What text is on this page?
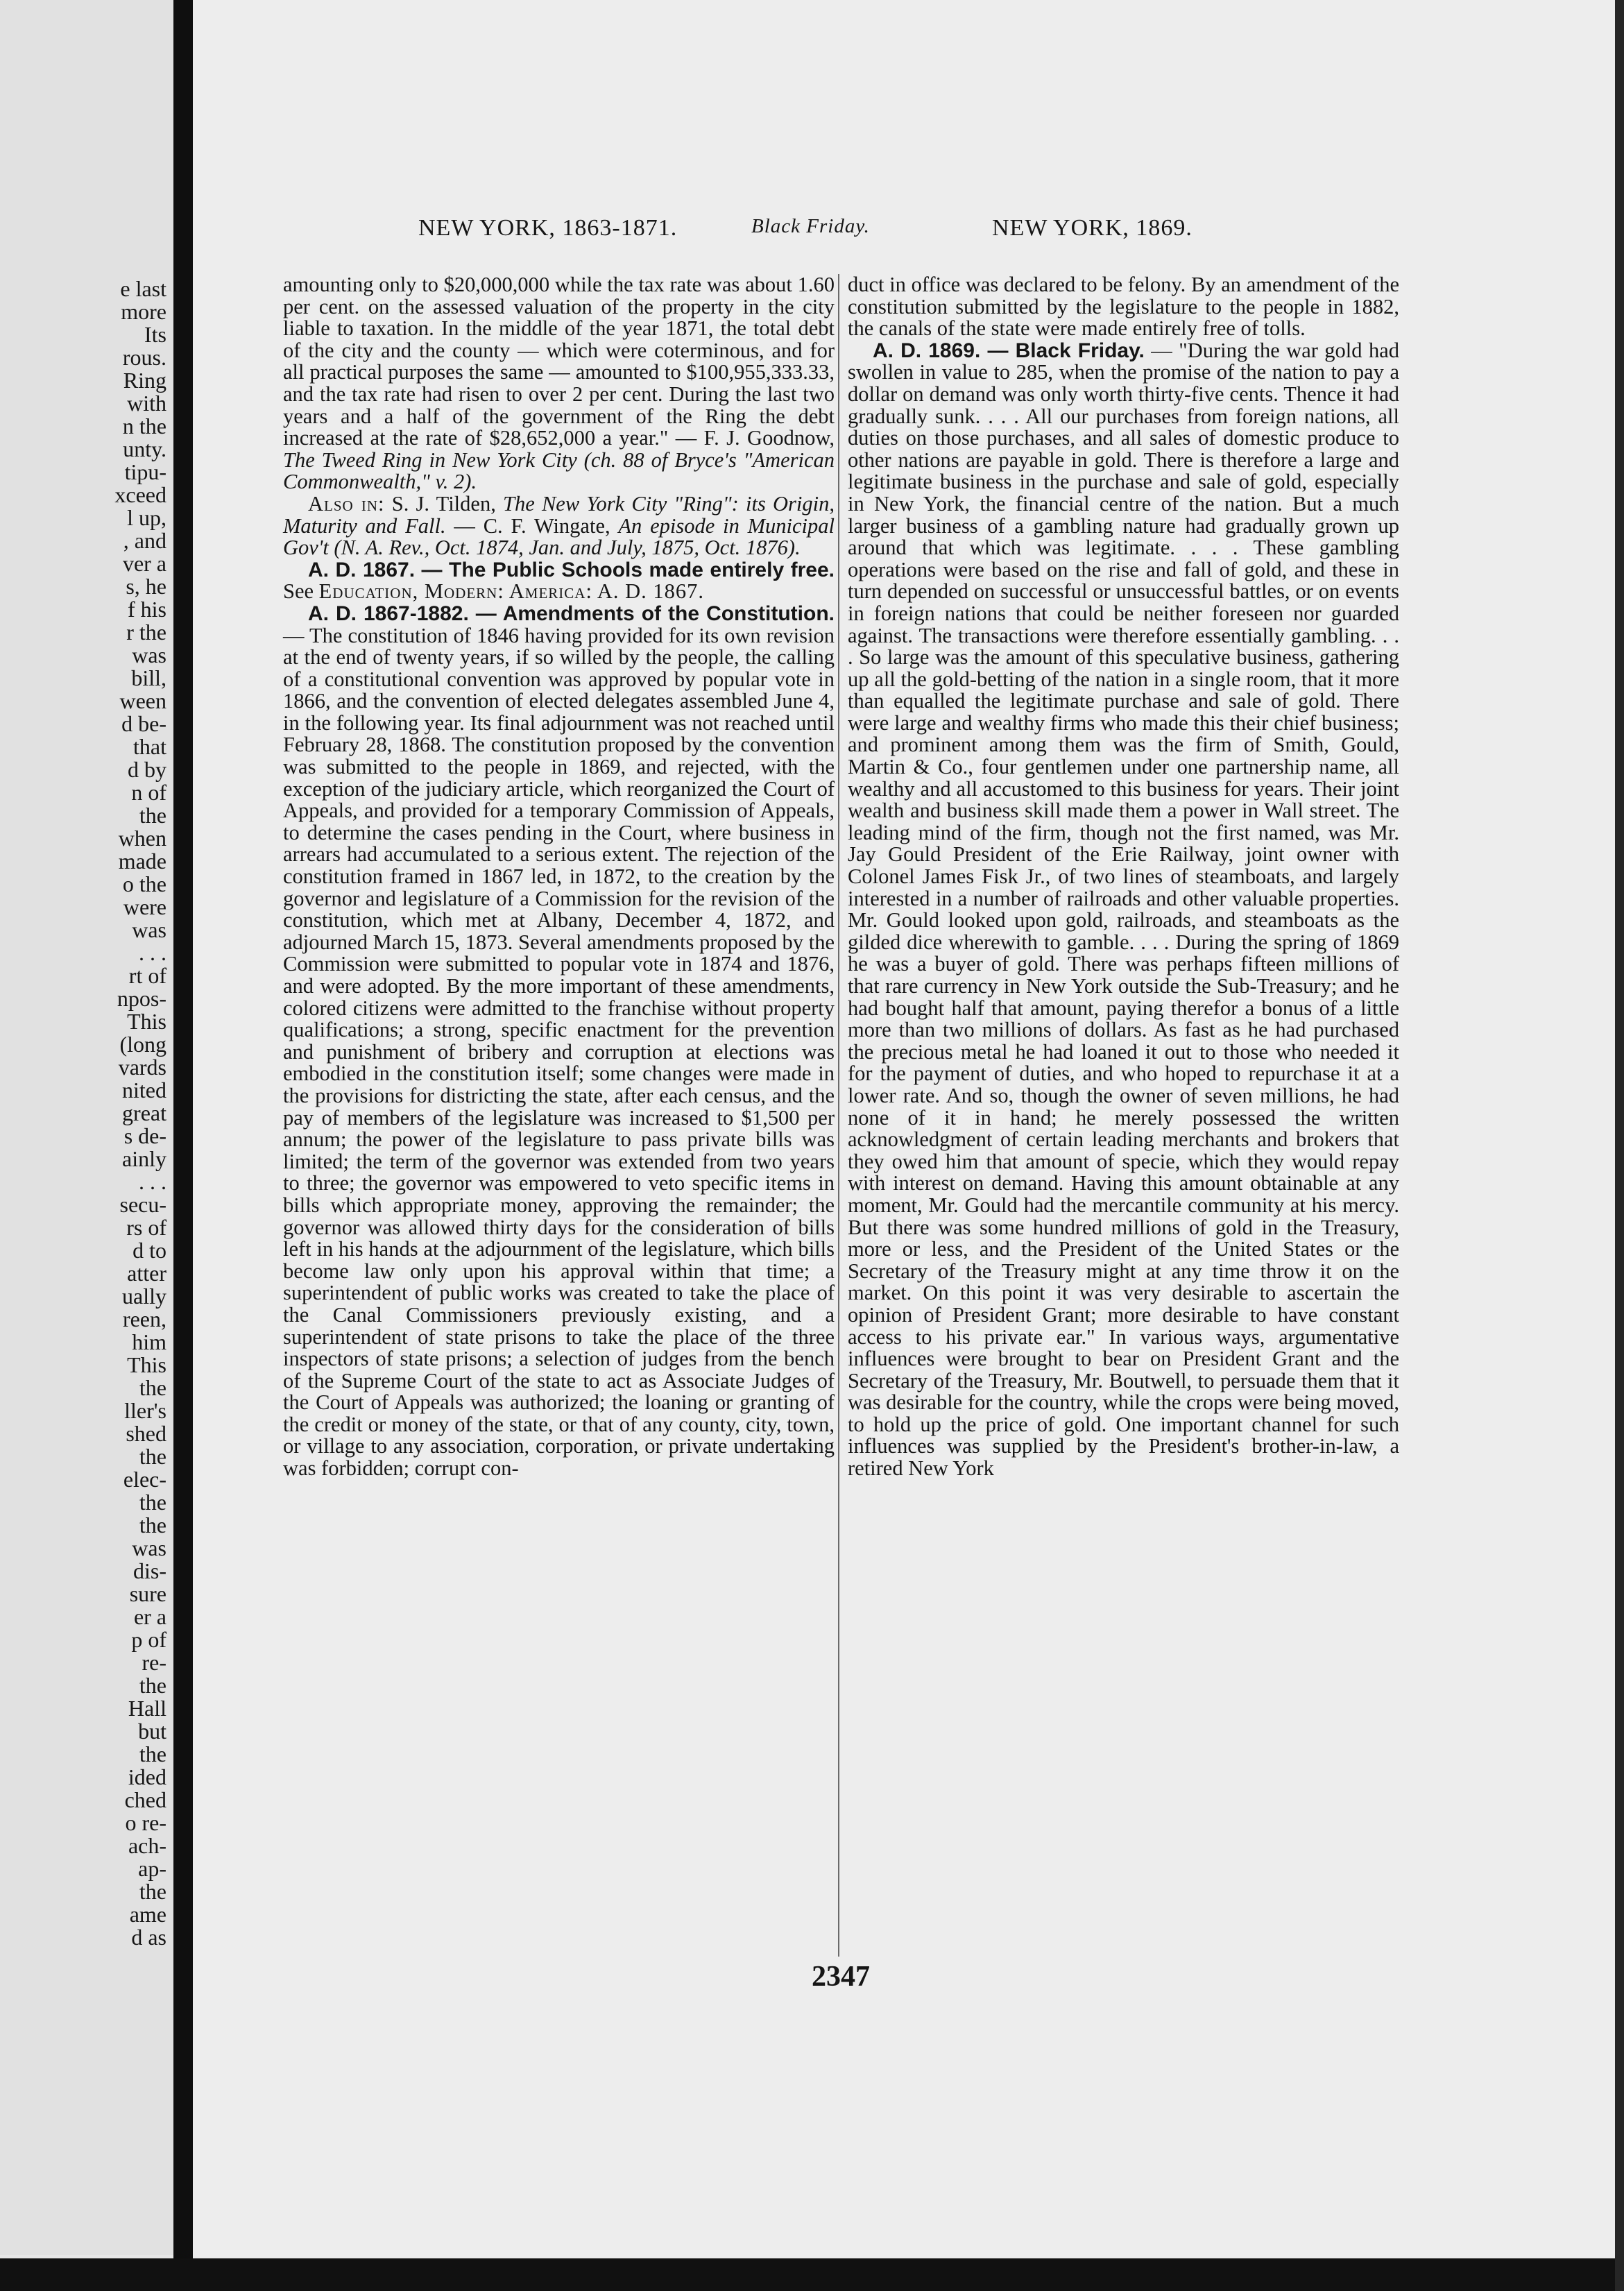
e last
more
Its
rous.
Ring
with
n the
unty.
tipu-
xceed
l up,
, and
ver a
s, he
f his
r the
was
bill,
ween
d be-
that
d by
n of
the
when
made
o the
were
was
. . .
rt of
npos-
This
(long
vards
nited
great
s de-
ainly
. . .
secu-
rs of
d to
atter
ually
reen,
him
This
the
ller's
shed
the
elec-
the
the
was
dis-
sure
er a
p of
re-
the
Hall
but
the
ided
ched
o re-
ach-
ap-
the
ame
d as
NEW YORK, 1863-1871.	Black Friday.	NEW YORK, 1869.

amounting only to $20,000,000 while the tax rate was about 1.60 per cent. on the assessed valuation of the property in the city liable to taxation. In the middle of the year 1871, the total debt of the city and the county — which were coterminous, and for all practical purposes the same — amounted to $100,955,333.33, and the tax rate had risen to over 2 per cent. During the last two years and a half of the government of the Ring the debt increased at the rate of $28,652,000 a year." — F. J. Goodnow, The Tweed Ring in New York City (ch. 88 of Bryce's "American Commonwealth," v. 2).

Also in: S. J. Tilden, The New York City "Ring": its Origin, Maturity and Fall. — C. F. Wingate, An episode in Municipal Gov't (N. A. Rev., Oct. 1874, Jan. and July, 1875, Oct. 1876).

A. D. 1867. — The Public Schools made entirely free. See Education, Modern: America: A. D. 1867.

A. D. 1867-1882. — Amendments of the Constitution. — The constitution of 1846 having provided for its own revision at the end of twenty years, if so willed by the people, the calling of a constitutional convention was approved by popular vote in 1866, and the convention of elected delegates assembled June 4, in the following year. Its final adjournment was not reached until February 28, 1868. The constitution proposed by the convention was submitted to the people in 1869, and rejected, with the exception of the judiciary article, which reorganized the Court of Appeals, and provided for a temporary Commission of Appeals, to determine the cases pending in the Court, where business in arrears had accumulated to a serious extent. The rejection of the constitution framed in 1867 led, in 1872, to the creation by the governor and legislature of a Commission for the revision of the constitution, which met at Albany, December 4, 1872, and adjourned March 15, 1873. Several amendments proposed by the Commission were submitted to popular vote in 1874 and 1876, and were adopted. By the more important of these amendments, colored citizens were admitted to the franchise without property qualifications; a strong, specific enactment for the prevention and punishment of bribery and corruption at elections was embodied in the constitution itself; some changes were made in the provisions for districting the state, after each census, and the pay of members of the legislature was increased to $1,500 per annum; the power of the legislature to pass private bills was limited; the term of the governor was extended from two years to three; the governor was empowered to veto specific items in bills which appropriate money, approving the remainder; the governor was allowed thirty days for the consideration of bills left in his hands at the adjournment of the legislature, which bills become law only upon his approval within that time; a superintendent of public works was created to take the place of the Canal Commissioners previously existing, and a superintendent of state prisons to take the place of the three inspectors of state prisons; a selection of judges from the bench of the Supreme Court of the state to act as Associate Judges of the Court of Appeals was authorized; the loaning or granting of the credit or money of the state, or that of any county, city, town, or village to any association, corporation, or private undertaking was forbidden; corrupt con-

duct in office was declared to be felony. By an amendment of the constitution submitted by the legislature to the people in 1882, the canals of the state were made entirely free of tolls.

A. D. 1869. — Black Friday. — "During the war gold had swollen in value to 285, when the promise of the nation to pay a dollar on demand was only worth thirty-five cents. Thence it had gradually sunk. . . . All our purchases from foreign nations, all duties on those purchases, and all sales of domestic produce to other nations are payable in gold. There is therefore a large and legitimate business in the purchase and sale of gold, especially in New York, the financial centre of the nation. But a much larger business of a gambling nature had gradually grown up around that which was legitimate. . . . These gambling operations were based on the rise and fall of gold, and these in turn depended on successful or unsuccessful battles, or on events in foreign nations that could be neither foreseen nor guarded against. The transactions were therefore essentially gambling. . . . So large was the amount of this speculative business, gathering up all the gold-betting of the nation in a single room, that it more than equalled the legitimate purchase and sale of gold. There were large and wealthy firms who made this their chief business; and prominent among them was the firm of Smith, Gould, Martin & Co., four gentlemen under one partnership name, all wealthy and all accustomed to this business for years. Their joint wealth and business skill made them a power in Wall street. The leading mind of the firm, though not the first named, was Mr. Jay Gould President of the Erie Railway, joint owner with Colonel James Fisk Jr., of two lines of steamboats, and largely interested in a number of railroads and other valuable properties. Mr. Gould looked upon gold, railroads, and steamboats as the gilded dice wherewith to gamble. . . . During the spring of 1869 he was a buyer of gold. There was perhaps fifteen millions of that rare currency in New York outside the Sub-Treasury; and he had bought half that amount, paying therefor a bonus of a little more than two millions of dollars. As fast as he had purchased the precious metal he had loaned it out to those who needed it for the payment of duties, and who hoped to repurchase it at a lower rate. And so, though the owner of seven millions, he had none of it in hand; he merely possessed the written acknowledgment of certain leading merchants and brokers that they owed him that amount of specie, which they would repay with interest on demand. Having this amount obtainable at any moment, Mr. Gould had the mercantile community at his mercy. But there was some hundred millions of gold in the Treasury, more or less, and the President of the United States or the Secretary of the Treasury might at any time throw it on the market. On this point it was very desirable to ascertain the opinion of President Grant; more desirable to have constant access to his private ear." In various ways, argumentative influences were brought to bear on President Grant and the Secretary of the Treasury, Mr. Boutwell, to persuade them that it was desirable for the country, while the crops were being moved, to hold up the price of gold. One important channel for such influences was supplied by the President's brother-in-law, a retired New York

2347
